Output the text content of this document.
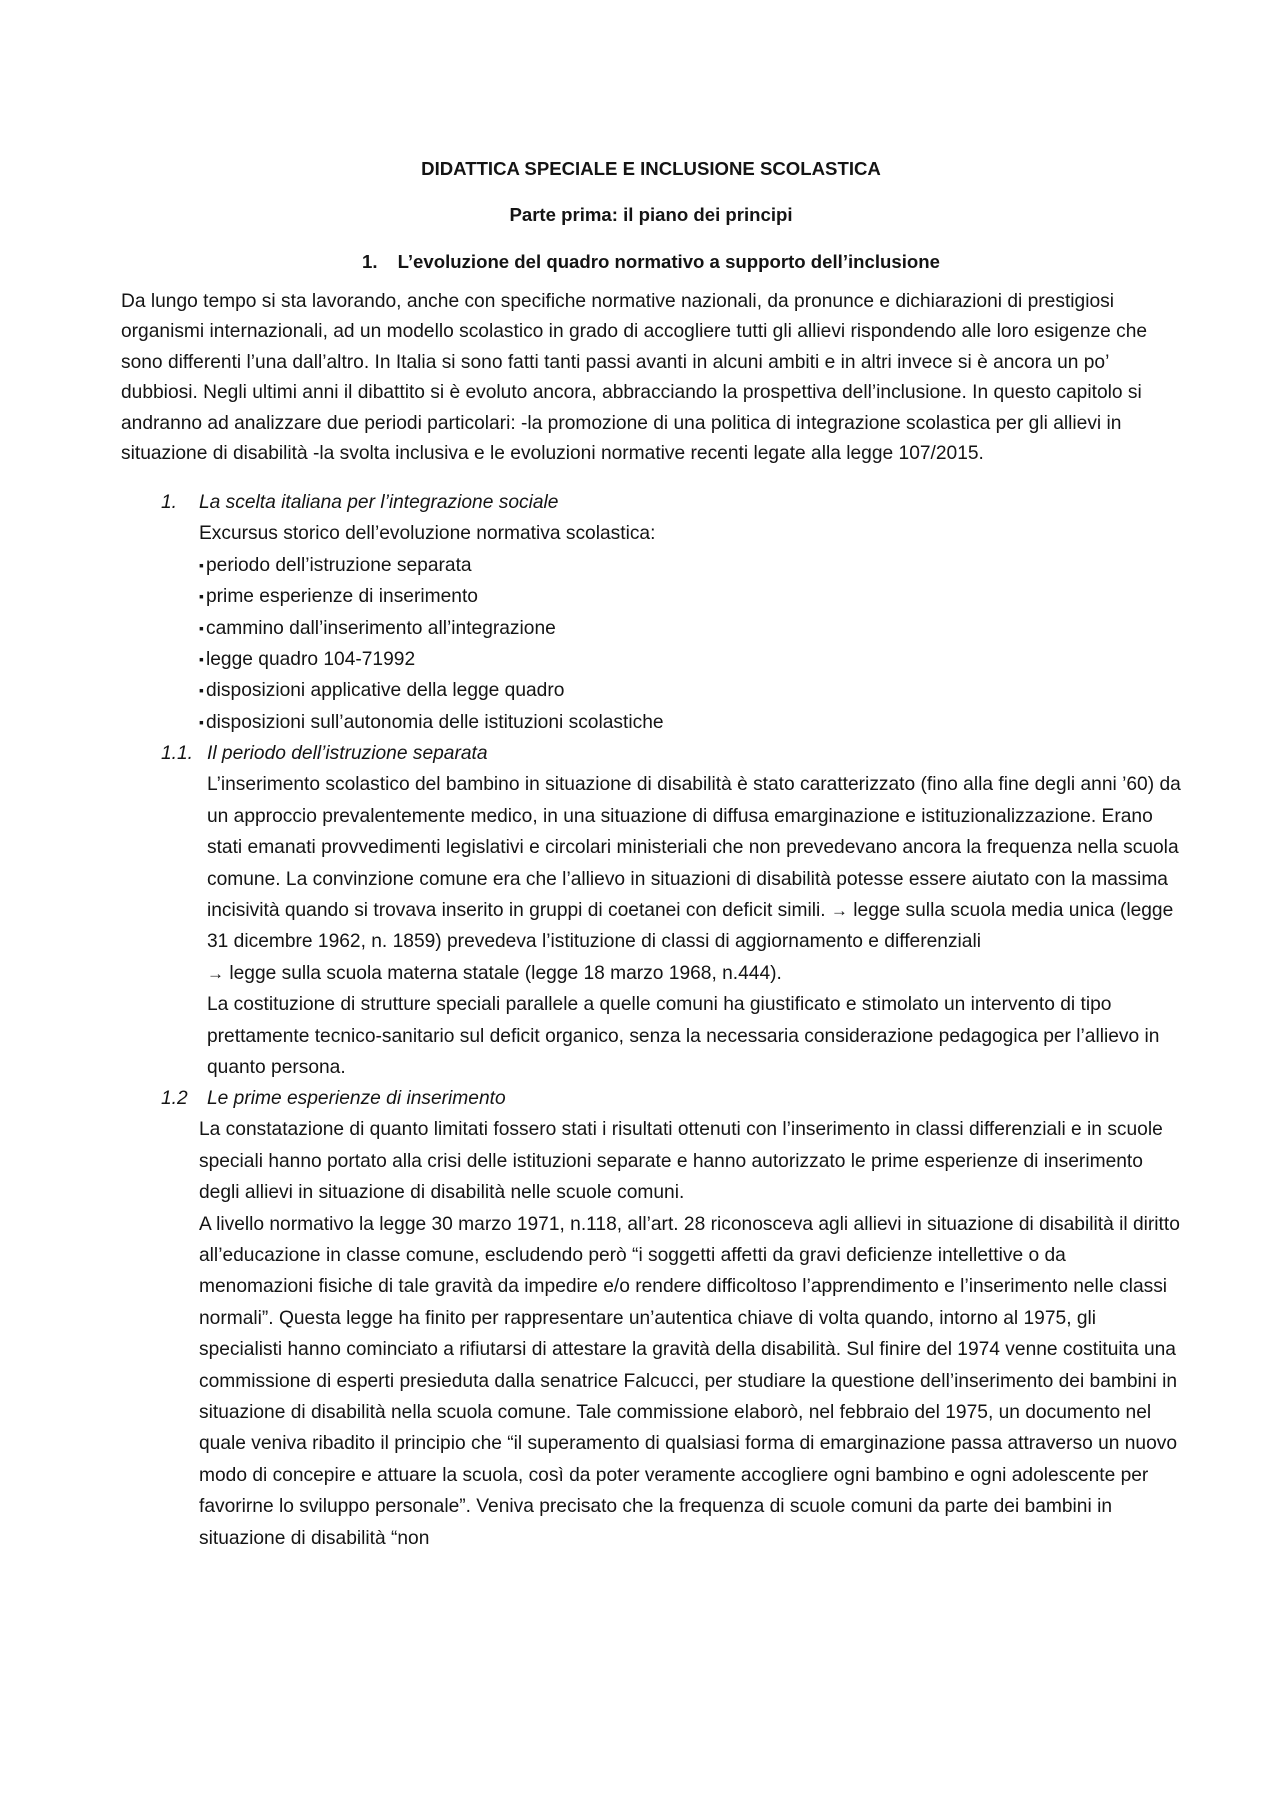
DIDATTICA SPECIALE E INCLUSIONE SCOLASTICA

Parte prima: il piano dei principi

1. L’evoluzione del quadro normativo a supporto dell’inclusione

Da lungo tempo si sta lavorando, anche con specifiche normative nazionali, da pronunce e dichiarazioni di prestigiosi organismi internazionali, ad un modello scolastico in grado di accogliere tutti gli allievi rispondendo alle loro esigenze che sono differenti l’una dall’altro. In Italia si sono fatti tanti passi avanti in alcuni ambiti e in altri invece si è ancora un po’ dubbiosi. Negli ultimi anni il dibattito si è evoluto ancora, abbracciando la prospettiva dell’inclusione. In questo capitolo si andranno ad analizzare due periodi particolari: -la promozione di una politica di integrazione scolastica per gli allievi in situazione di disabilità -la svolta inclusiva e le evoluzioni normative recenti legate alla legge 107/2015.

1. La scelta italiana per l’integrazione sociale
Excursus storico dell’evoluzione normativa scolastica:
▪ periodo dell’istruzione separata
▪ prime esperienze di inserimento
▪ cammino dall’inserimento all’integrazione
▪ legge quadro 104-71992
▪ disposizioni applicative della legge quadro
▪ disposizioni sull’autonomia delle istituzioni scolastiche
1.1. Il periodo dell’istruzione separata
L’inserimento scolastico del bambino in situazione di disabilità è stato caratterizzato (fino alla fine degli anni ’60) da un approccio prevalentemente medico, in una situazione di diffusa emarginazione e istituzionalizzazione. Erano stati emanati provvedimenti legislativi e circolari ministeriali che non prevedevano ancora la frequenza nella scuola comune. La convinzione comune era che l’allievo in situazioni di disabilità potesse essere aiutato con la massima incisività quando si trovava inserito in gruppi di coetanei con deficit simili. → legge sulla scuola media unica (legge 31 dicembre 1962, n. 1859) prevedeva l’istituzione di classi di aggiornamento e differenziali
→ legge sulla scuola materna statale (legge 18 marzo 1968, n.444).
La costituzione di strutture speciali parallele a quelle comuni ha giustificato e stimolato un intervento di tipo prettamente tecnico-sanitario sul deficit organico, senza la necessaria considerazione pedagogica per l’allievo in quanto persona.
1.2 Le prime esperienze di inserimento
La constatazione di quanto limitati fossero stati i risultati ottenuti con l’inserimento in classi differenziali e in scuole speciali hanno portato alla crisi delle istituzioni separate e hanno autorizzato le prime esperienze di inserimento degli allievi in situazione di disabilità nelle scuole comuni.
A livello normativo la legge 30 marzo 1971, n.118, all’art. 28 riconosceva agli allievi in situazione di disabilità il diritto all’educazione in classe comune, escludendo però “i soggetti affetti da gravi deficienze intellettive o da menomazioni fisiche di tale gravità da impedire e/o rendere difficoltoso l’apprendimento e l’inserimento nelle classi normali”. Questa legge ha finito per rappresentare un’autentica chiave di volta quando, intorno al 1975, gli specialisti hanno cominciato a rifiutarsi di attestare la gravità della disabilità. Sul finire del 1974 venne costituita una commissione di esperti presieduta dalla senatrice Falcucci, per studiare la questione dell’inserimento dei bambini in situazione di disabilità nella scuola comune. Tale commissione elaborò, nel febbraio del 1975, un documento nel quale veniva ribadito il principio che “il superamento di qualsiasi forma di emarginazione passa attraverso un nuovo modo di concepire e attuare la scuola, così da poter veramente accogliere ogni bambino e ogni adolescente per favorirne lo sviluppo personale”. Veniva precisato che la frequenza di scuole comuni da parte dei bambini in situazione di disabilità “non
